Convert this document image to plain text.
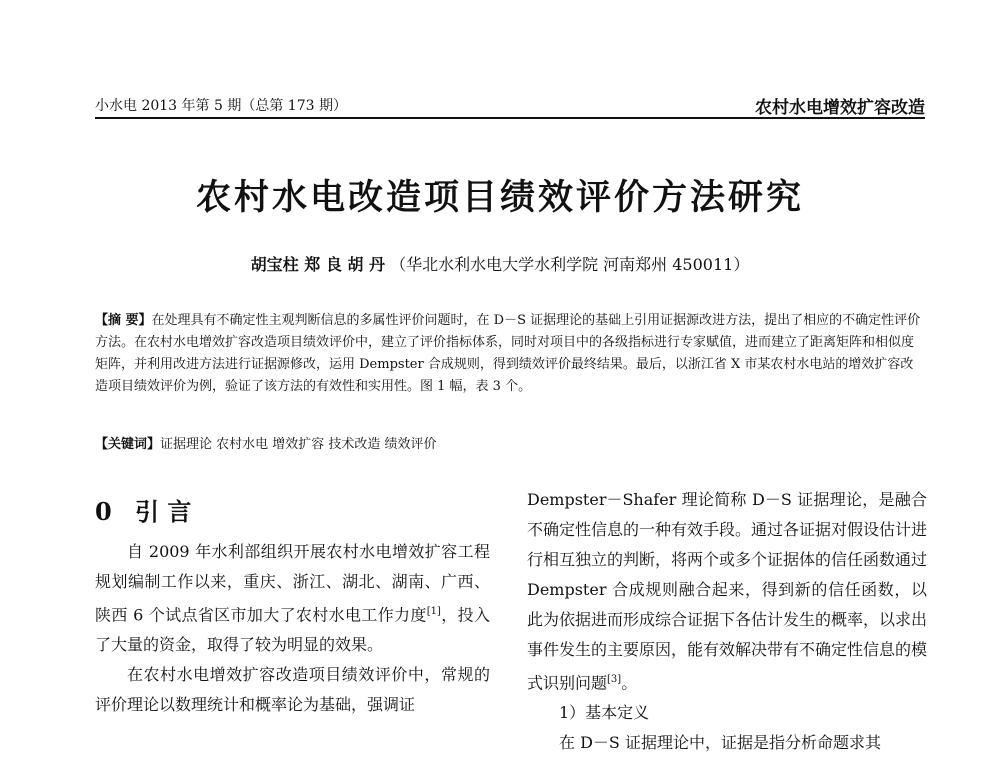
小水电 2013 年第 5 期（总第 173 期）	农村水电增效扩容改造
农村水电改造项目绩效评价方法研究
胡宝柱 郑 良 胡 丹 （华北水利水电大学水利学院 河南郑州 450011）
【摘 要】在处理具有不确定性主观判断信息的多属性评价问题时，在 D－S 证据理论的基础上引用证据源改进方法，提出了相应的不确定性评价方法。在农村水电增效扩容改造项目绩效评价中，建立了评价指标体系，同时对项目中的各级指标进行专家赋值，进而建立了距离矩阵和相似度矩阵，并利用改进方法进行证据源修改，运用 Dempster 合成规则，得到绩效评价最终结果。最后，以浙江省 X 市某农村水电站的增效扩容改造项目绩效评价为例，验证了该方法的有效性和实用性。图 1 幅，表 3 个。
【关键词】证据理论 农村水电 增效扩容 技术改造 绩效评价
0 引 言

自 2009 年水利部组织开展农村水电增效扩容工程规划编制工作以来，重庆、浙江、湖北、湖南、广西、陕西 6 个试点省区市加大了农村水电工作力度[1]，投入了大量的资金，取得了较为明显的效果。

在农村水电增效扩容改造项目绩效评价中，常规的评价理论以数理统计和概率论为基础，强调证

Dempster－Shafer 理论简称 D－S 证据理论，是融合不确定性信息的一种有效手段。通过各证据对假设估计进行相互独立的判断，将两个或多个证据体的信任函数通过 Dempster 合成规则融合起来，得到新的信任函数，以此为依据进而形成综合证据下各估计发生的概率，以求出事件发生的主要原因，能有效解决带有不确定性信息的模式识别问题[3]。

1）基本定义

在 D－S 证据理论中，证据是指分析命题求其
